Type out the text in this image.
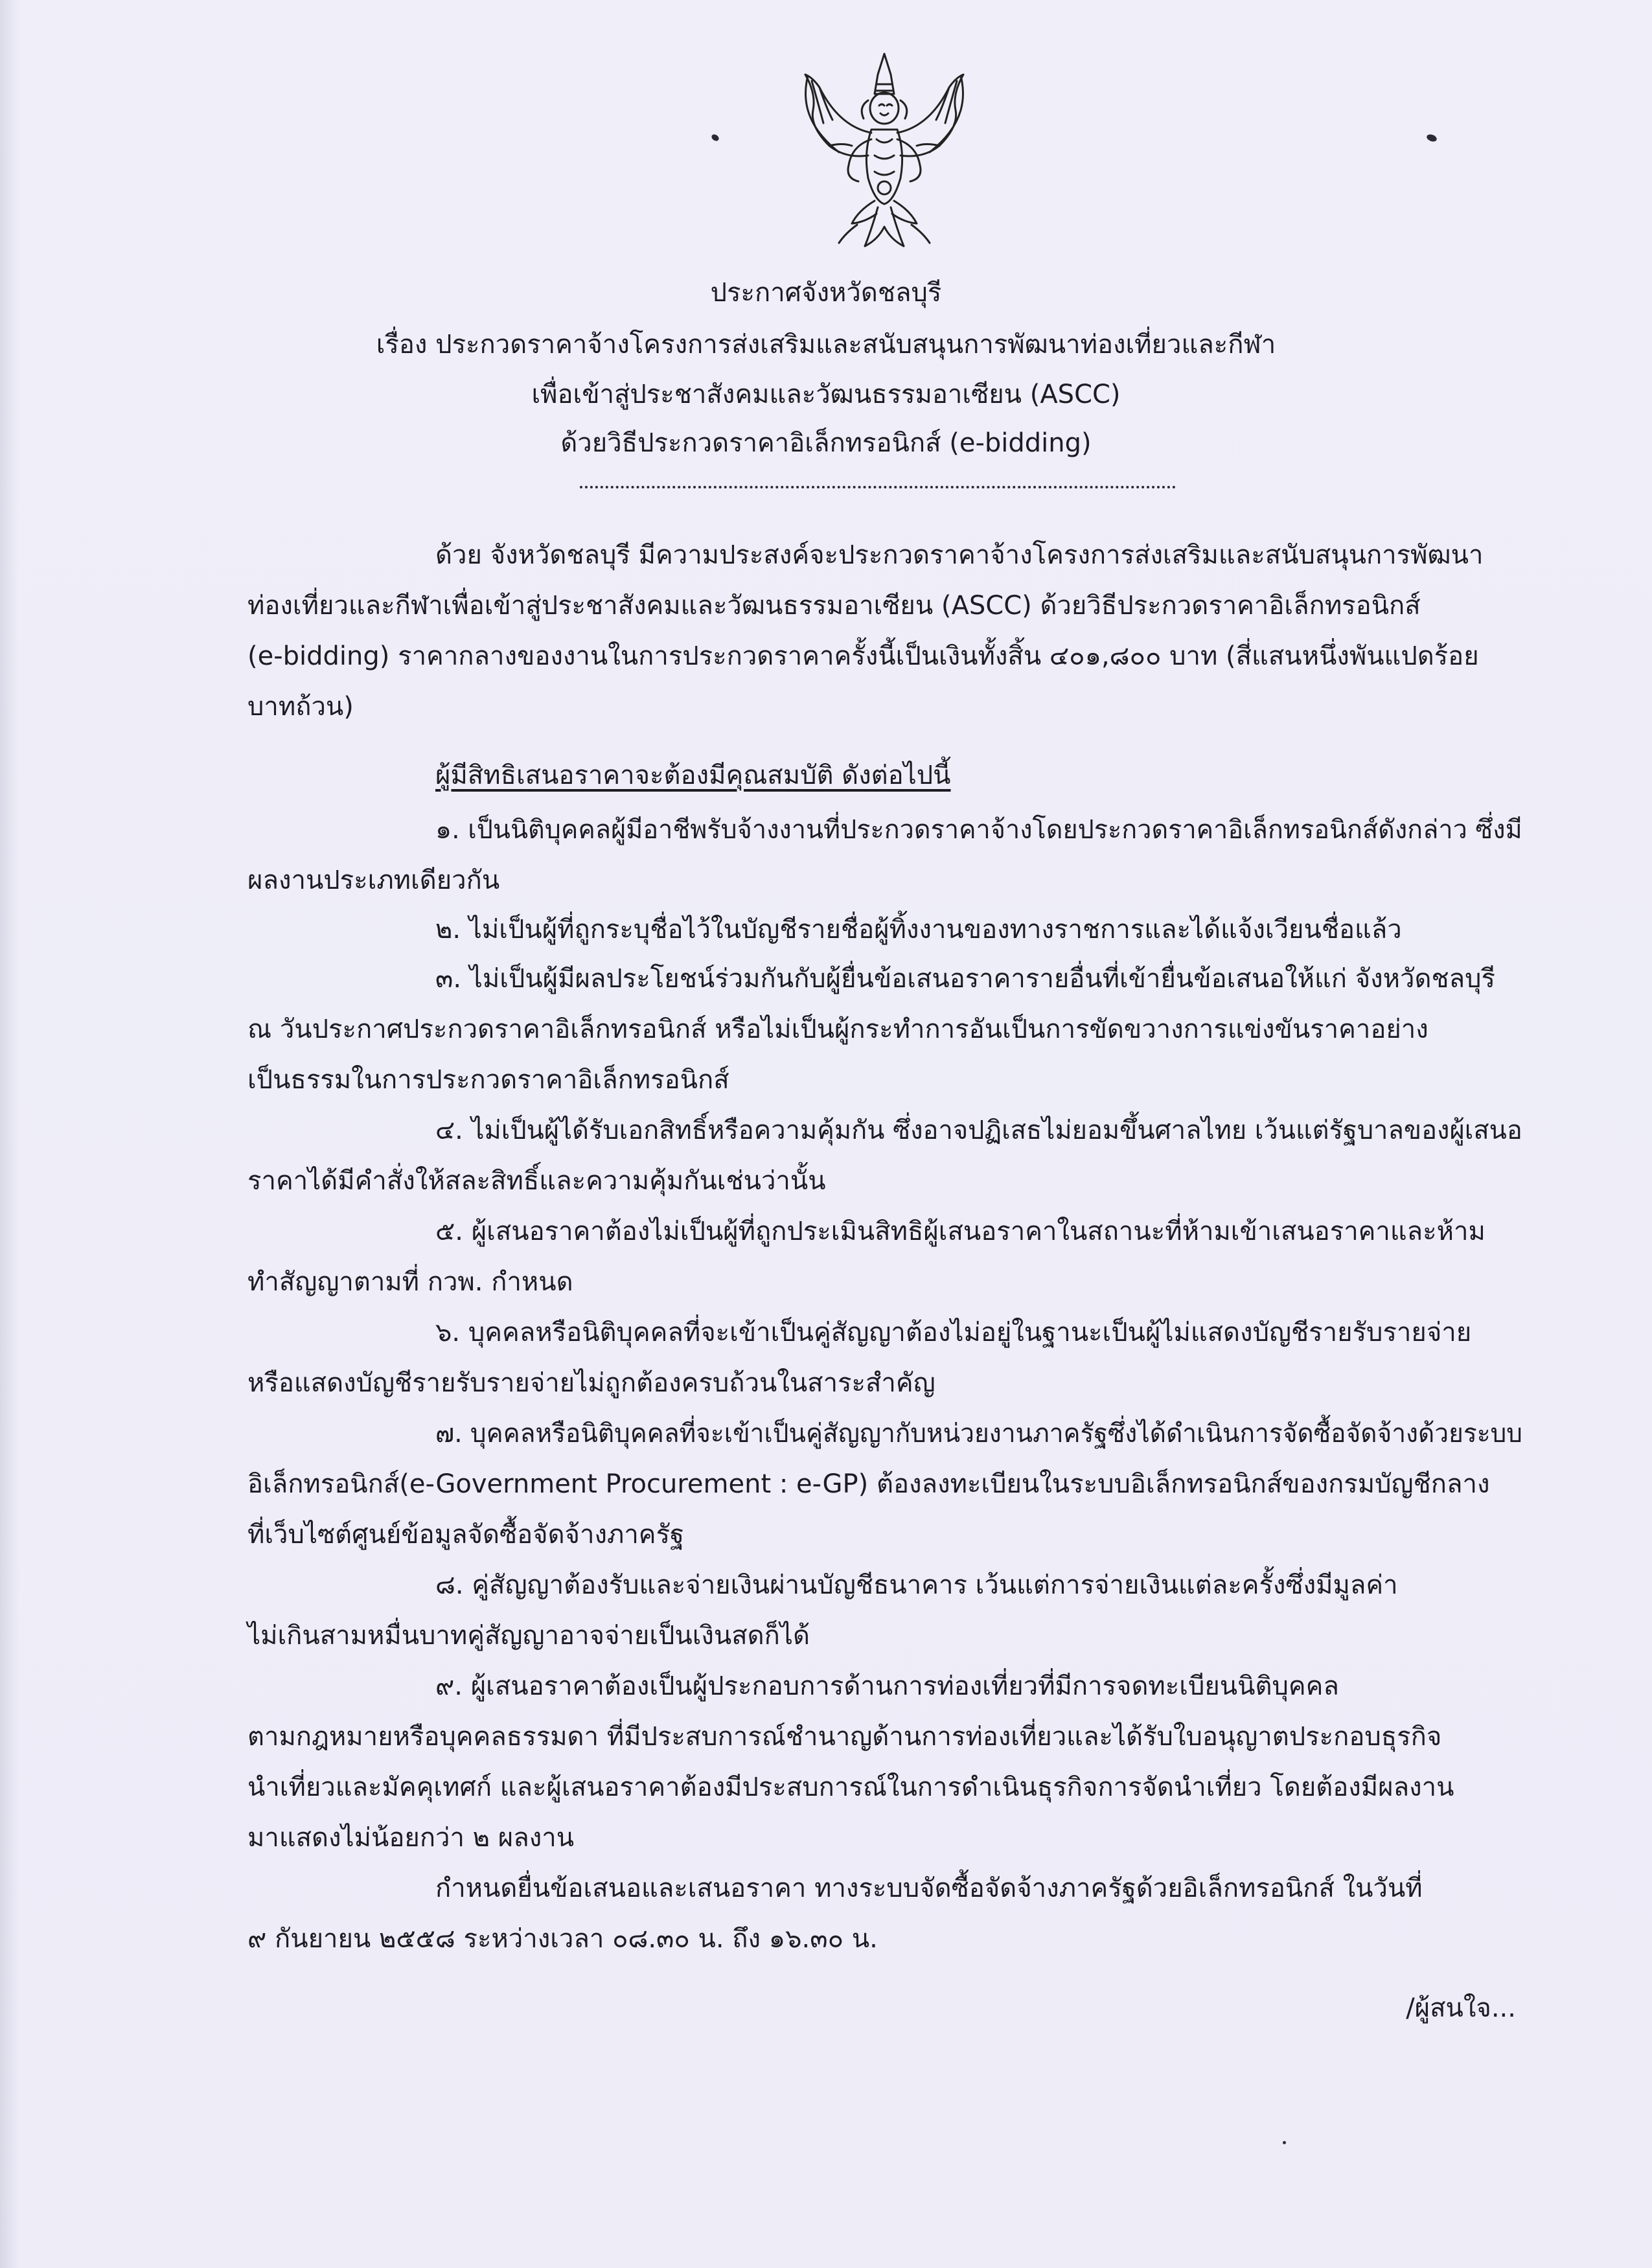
ประกาศจังหวัดชลบุรี
เรื่อง ประกวดราคาจ้างโครงการส่งเสริมและสนับสนุนการพัฒนาท่องเที่ยวและกีฬา
เพื่อเข้าสู่ประชาสังคมและวัฒนธรรมอาเซียน (ASCC)
ด้วยวิธีประกวดราคาอิเล็กทรอนิกส์ (e-bidding)
ด้วย จังหวัดชลบุรี มีความประสงค์จะประกวดราคาจ้างโครงการส่งเสริมและสนับสนุนการพัฒนา
ท่องเที่ยวและกีฬาเพื่อเข้าสู่ประชาสังคมและวัฒนธรรมอาเซียน (ASCC) ด้วยวิธีประกวดราคาอิเล็กทรอนิกส์
(e-bidding) ราคากลางของงานในการประกวดราคาครั้งนี้เป็นเงินทั้งสิ้น ๔๐๑,๘๐๐ บาท (สี่แสนหนึ่งพันแปดร้อย
บาทถ้วน)
ผู้มีสิทธิเสนอราคาจะต้องมีคุณสมบัติ ดังต่อไปนี้
๑. เป็นนิติบุคคลผู้มีอาชีพรับจ้างงานที่ประกวดราคาจ้างโดยประกวดราคาอิเล็กทรอนิกส์ดังกล่าว ซึ่งมี
ผลงานประเภทเดียวกัน
๒. ไม่เป็นผู้ที่ถูกระบุชื่อไว้ในบัญชีรายชื่อผู้ทิ้งงานของทางราชการและได้แจ้งเวียนชื่อแล้ว
๓. ไม่เป็นผู้มีผลประโยชน์ร่วมกันกับผู้ยื่นข้อเสนอราคารายอื่นที่เข้ายื่นข้อเสนอให้แก่ จังหวัดชลบุรี
ณ วันประกาศประกวดราคาอิเล็กทรอนิกส์ หรือไม่เป็นผู้กระทำการอันเป็นการขัดขวางการแข่งขันราคาอย่าง
เป็นธรรมในการประกวดราคาอิเล็กทรอนิกส์
๔. ไม่เป็นผู้ได้รับเอกสิทธิ์หรือความคุ้มกัน ซึ่งอาจปฏิเสธไม่ยอมขึ้นศาลไทย เว้นแต่รัฐบาลของผู้เสนอ
ราคาได้มีคำสั่งให้สละสิทธิ์และความคุ้มกันเช่นว่านั้น
๕. ผู้เสนอราคาต้องไม่เป็นผู้ที่ถูกประเมินสิทธิผู้เสนอราคาในสถานะที่ห้ามเข้าเสนอราคาและห้าม
ทำสัญญาตามที่ กวพ. กำหนด
๖. บุคคลหรือนิติบุคคลที่จะเข้าเป็นคู่สัญญาต้องไม่อยู่ในฐานะเป็นผู้ไม่แสดงบัญชีรายรับรายจ่าย
หรือแสดงบัญชีรายรับรายจ่ายไม่ถูกต้องครบถ้วนในสาระสำคัญ
๗. บุคคลหรือนิติบุคคลที่จะเข้าเป็นคู่สัญญากับหน่วยงานภาครัฐซึ่งได้ดำเนินการจัดซื้อจัดจ้างด้วยระบบ
อิเล็กทรอนิกส์(e-Government Procurement : e-GP) ต้องลงทะเบียนในระบบอิเล็กทรอนิกส์ของกรมบัญชีกลาง
ที่เว็บไซต์ศูนย์ข้อมูลจัดซื้อจัดจ้างภาครัฐ
๘. คู่สัญญาต้องรับและจ่ายเงินผ่านบัญชีธนาคาร เว้นแต่การจ่ายเงินแต่ละครั้งซึ่งมีมูลค่า
ไม่เกินสามหมื่นบาทคู่สัญญาอาจจ่ายเป็นเงินสดก็ได้
๙. ผู้เสนอราคาต้องเป็นผู้ประกอบการด้านการท่องเที่ยวที่มีการจดทะเบียนนิติบุคคล
ตามกฎหมายหรือบุคคลธรรมดา ที่มีประสบการณ์ชำนาญด้านการท่องเที่ยวและได้รับใบอนุญาตประกอบธุรกิจ
นำเที่ยวและมัคคุเทศก์ และผู้เสนอราคาต้องมีประสบการณ์ในการดำเนินธุรกิจการจัดนำเที่ยว โดยต้องมีผลงาน
มาแสดงไม่น้อยกว่า ๒ ผลงาน
กำหนดยื่นข้อเสนอและเสนอราคา ทางระบบจัดซื้อจัดจ้างภาครัฐด้วยอิเล็กทรอนิกส์ ในวันที่
๙ กันยายน ๒๕๕๘ ระหว่างเวลา ๐๘.๓๐ น. ถึง ๑๖.๓๐ น.
/ผู้สนใจ...
